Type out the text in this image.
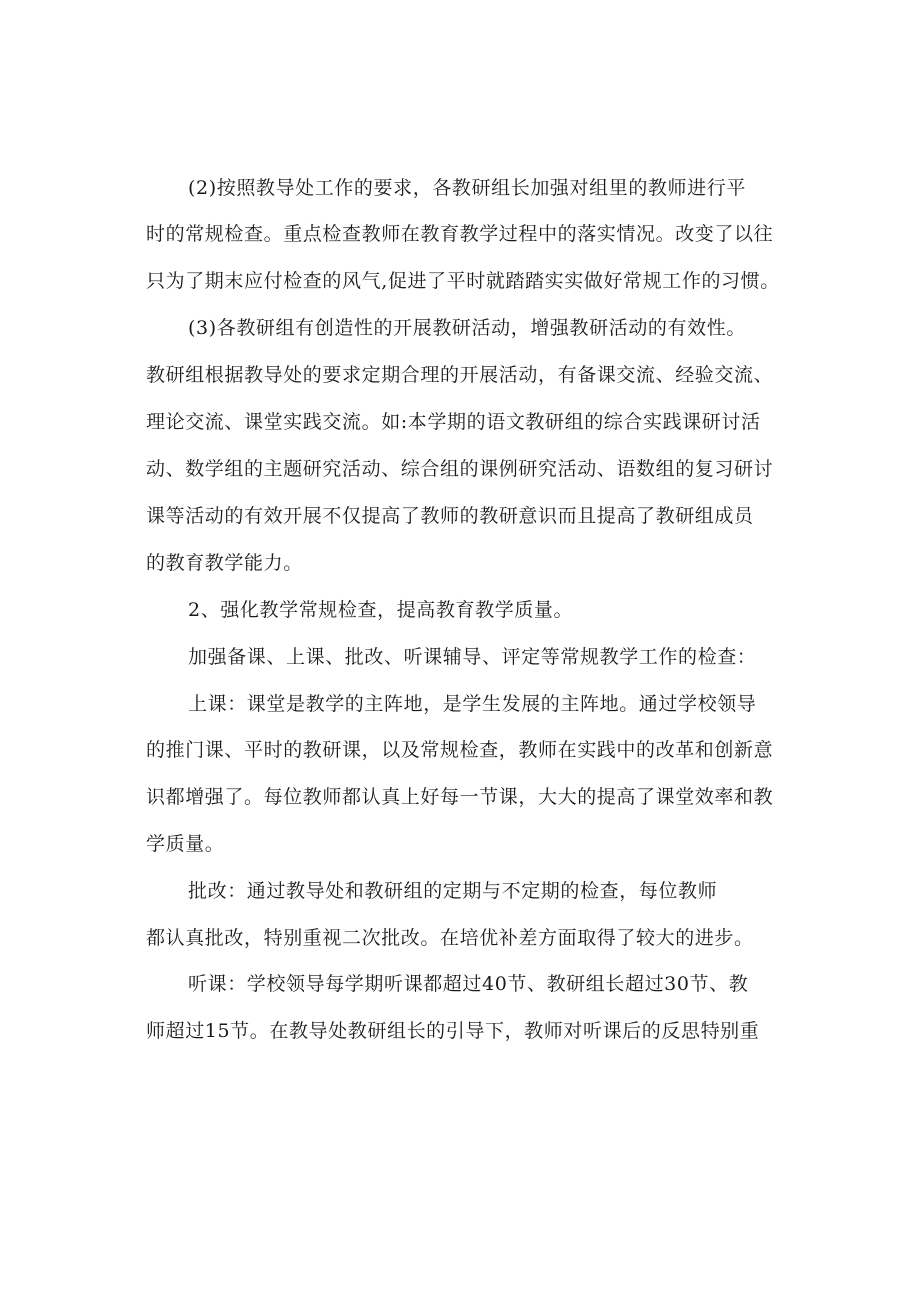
(2)按照教导处工作的要求，各教研组长加强对组里的教师进行平
时的常规检查。重点检查教师在教育教学过程中的落实情况。改变了以往
只为了期末应付检查的风气,促进了平时就踏踏实实做好常规工作的习惯。
(3)各教研组有创造性的开展教研活动，增强教研活动的有效性。
教研组根据教导处的要求定期合理的开展活动，有备课交流、经验交流、
理论交流、课堂实践交流。如:本学期的语文教研组的综合实践课研讨活
动、数学组的主题研究活动、综合组的课例研究活动、语数组的复习研讨
课等活动的有效开展不仅提高了教师的教研意识而且提高了教研组成员
的教育教学能力。
2、强化教学常规检查，提高教育教学质量。
加强备课、上课、批改、听课辅导、评定等常规教学工作的检查：
上课：课堂是教学的主阵地，是学生发展的主阵地。通过学校领导
的推门课、平时的教研课，以及常规检查，教师在实践中的改革和创新意
识都增强了。每位教师都认真上好每一节课，大大的提高了课堂效率和教
学质量。
批改：通过教导处和教研组的定期与不定期的检查，每位教师
都认真批改，特别重视二次批改。在培优补差方面取得了较大的进步。
听课：学校领导每学期听课都超过40节、教研组长超过30节、教
师超过15节。在教导处教研组长的引导下，教师对听课后的反思特别重
